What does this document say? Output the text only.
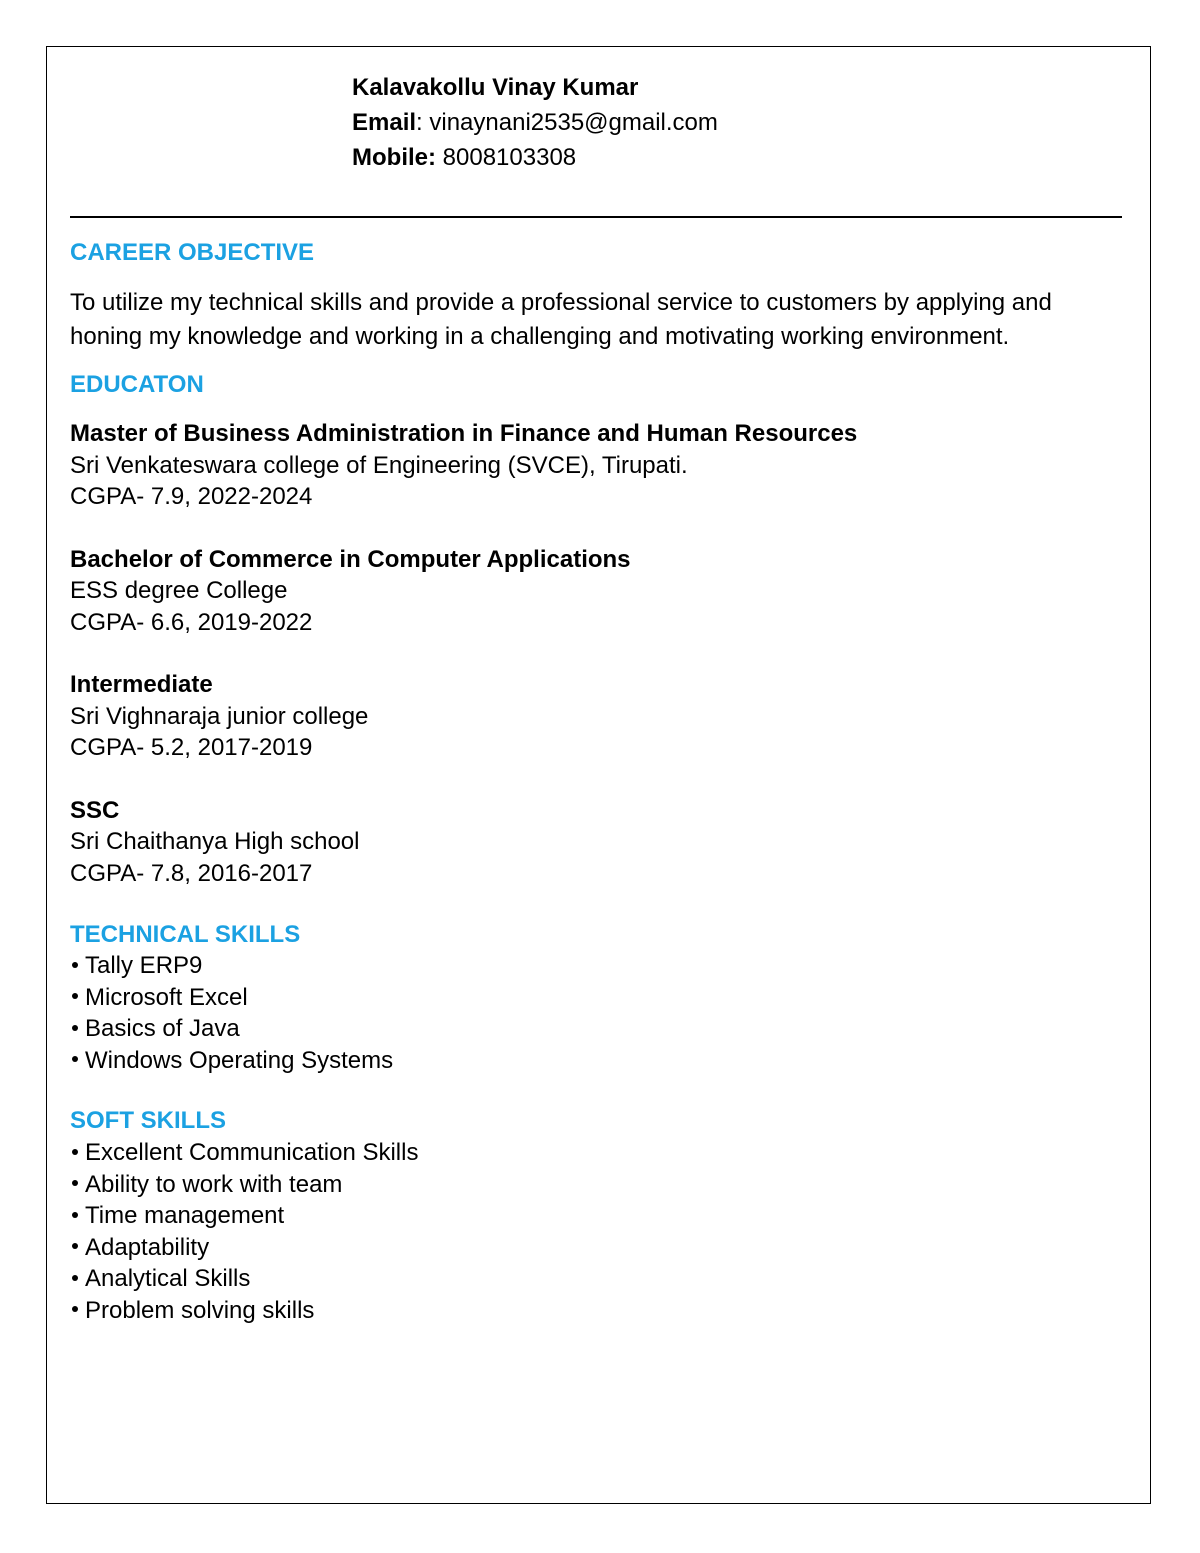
Kalavakollu Vinay Kumar
Email: vinaynani2535@gmail.com
Mobile: 8008103308
CAREER OBJECTIVE

To utilize my technical skills and provide a professional service to customers by applying and honing my knowledge and working in a challenging and motivating working environment.

EDUCATON
Master of Business Administration in Finance and Human Resources
Sri Venkateswara college of Engineering (SVCE), Tirupati.
CGPA- 7.9, 2022-2024
Bachelor of Commerce in Computer Applications
ESS degree College
CGPA- 6.6, 2019-2022
Intermediate
Sri Vighnaraja junior college
CGPA- 5.2, 2017-2019
SSC
Sri Chaithanya High school
CGPA- 7.8, 2016-2017
TECHNICAL SKILLS
Tally ERP9
Microsoft Excel
Basics of Java
Windows Operating Systems
SOFT SKILLS
Excellent Communication Skills
Ability to work with team
Time management
Adaptability
Analytical Skills
Problem solving skills
